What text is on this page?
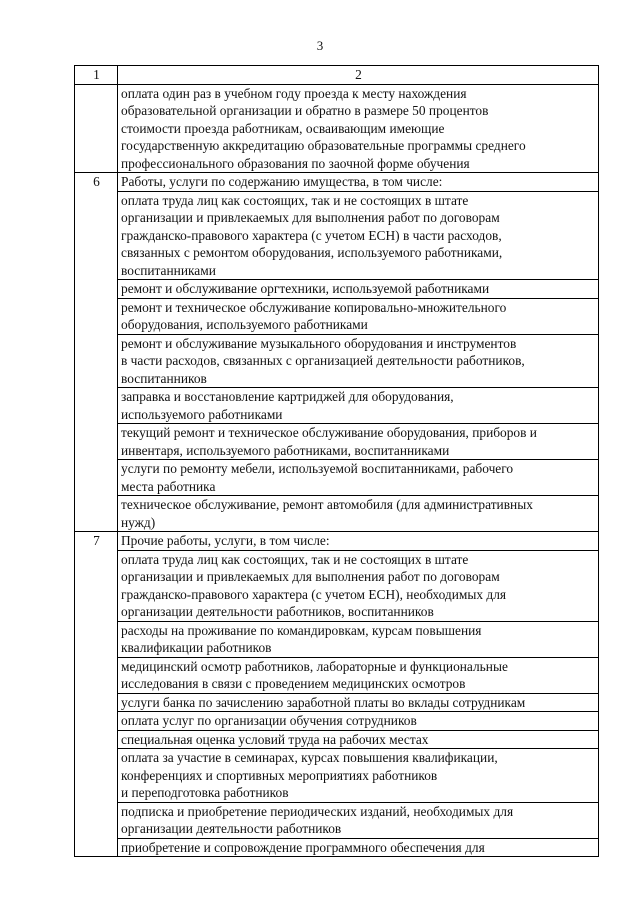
3
1	2
	оплата один раз в учебном году проезда к месту нахождения
образовательной организации и обратно в размере 50 процентов
стоимости проезда работникам, осваивающим имеющие
государственную аккредитацию образовательные программы среднего
профессионального образования по заочной форме обучения
6	Работы, услуги по содержанию имущества, в том числе:
	оплата труда лиц как состоящих, так и не состоящих в штате
организации и привлекаемых для выполнения работ по договорам
гражданско-правового характера (с учетом ЕСН) в части расходов,
связанных с ремонтом оборудования, используемого работниками,
воспитанниками
	ремонт и обслуживание оргтехники, используемой работниками
	ремонт и техническое обслуживание копировально-множительного
оборудования, используемого работниками
	ремонт и обслуживание музыкального оборудования и инструментов
в части расходов, связанных с организацией деятельности работников,
воспитанников
	заправка и восстановление картриджей для оборудования,
используемого работниками
	текущий ремонт и техническое обслуживание оборудования, приборов и
инвентаря, используемого работниками, воспитанниками
	услуги по ремонту мебели, используемой воспитанниками, рабочего
места работника
	техническое обслуживание, ремонт автомобиля (для административных
нужд)
7	Прочие работы, услуги, в том числе:
	оплата труда лиц как состоящих, так и не состоящих в штате
организации и привлекаемых для выполнения работ по договорам
гражданско-правового характера (с учетом ЕСН), необходимых для
организации деятельности работников, воспитанников
	расходы на проживание по командировкам, курсам повышения
квалификации работников
	медицинский осмотр работников, лабораторные и функциональные
исследования в связи с проведением медицинских осмотров
	услуги банка по зачислению заработной платы во вклады сотрудникам
	оплата услуг по организации обучения сотрудников
	специальная оценка условий труда на рабочих местах
	оплата за участие в семинарах, курсах повышения квалификации,
конференциях и спортивных мероприятиях работников
и переподготовка работников
	подписка и приобретение периодических изданий, необходимых для
организации деятельности работников
	приобретение и сопровождение программного обеспечения для
